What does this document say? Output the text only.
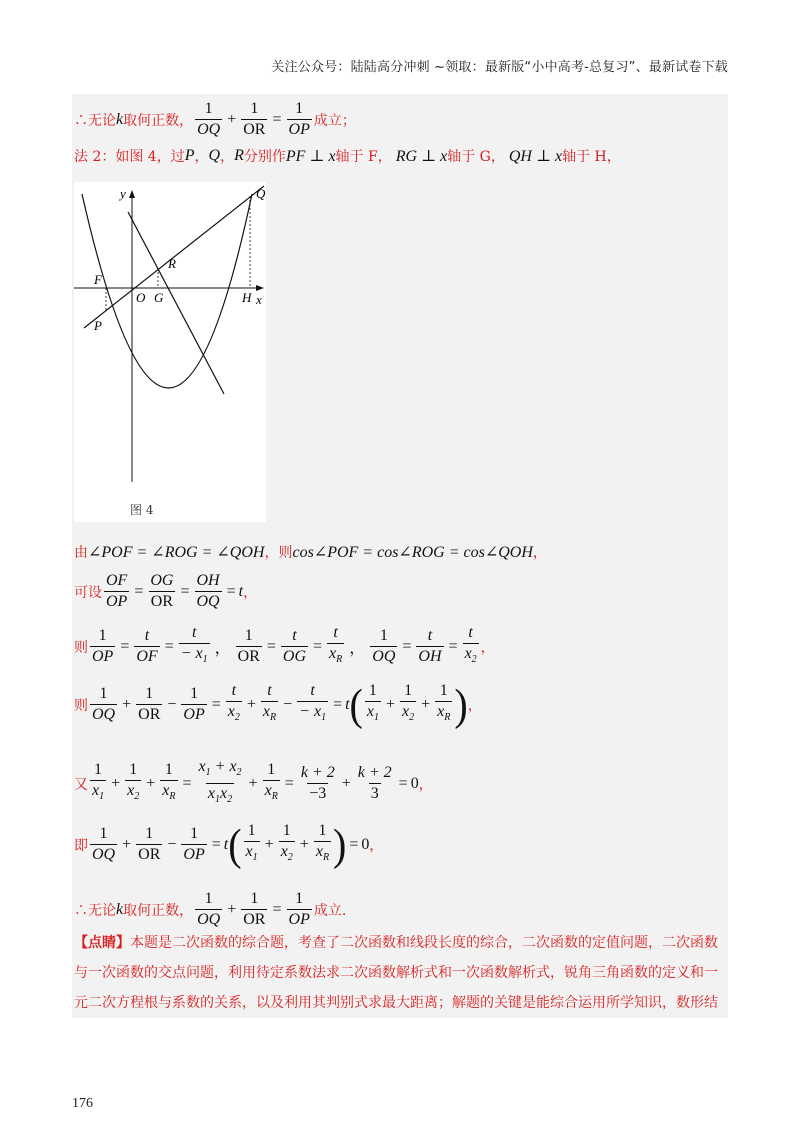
关注公众号：陆陆高分冲刺 ~领取：最新版“小中高考-总复习”、最新试卷下载
∴无论 k 取何正数， $\frac{1}{OQ} + \frac{1}{OR} = \frac{1}{OP}$ 成立；
法 2：如图 4，过 P ， Q ， R 分别作 PF ⊥ x 轴于 F， RG ⊥ x 轴于 G， QH ⊥ x 轴于 H，
y
x
O
F
G	H
P
Q
R
图 4
由 ∠POF = ∠ROG = ∠QOH ，则 cos∠POF = cos∠ROG = cos∠QOH ，
可设 $\frac{OF}{OP} = \frac{OG}{OR} = \frac{OH}{OQ} = t$ ，
则 $\frac{1}{OP} = \frac{t}{OF} = \frac{t}{- x_1}$ ， $\frac{1}{OR} = \frac{t}{OG} = \frac{t}{x_R}$ ， $\frac{1}{OQ} = \frac{t}{OH} = \frac{t}{x_2}$ ，
则 $\frac{1}{OQ} + \frac{1}{OR} - \frac{1}{OP} = \frac{t}{x_2} + \frac{t}{x_R} - \frac{t}{- x_1} = t$ ( $\frac{1}{x_1} + \frac{1}{x_2} + \frac{1}{x_R}$ ) ，
又 $\frac{1}{x_1} + \frac{1}{x_2} + \frac{1}{x_R} = \frac{x_1 + x_2}{x_1x_2} + \frac{1}{x_R} = \frac{k + 2}{-3} + \frac{k + 2}{3} = 0$ ，
即 $\frac{1}{OQ} + \frac{1}{OR} - \frac{1}{OP} = t$ ( $\frac{1}{x_1} + \frac{1}{x_2} + \frac{1}{x_R}$ ) = 0 ，
∴无论 k 取何正数， $\frac{1}{OQ} + \frac{1}{OR} = \frac{1}{OP}$ 成立.
【点睛】本题是二次函数的综合题，考查了二次函数和线段长度的综合，二次函数的定值问题，二次函数与一次函数的交点问题，利用待定系数法求二次函数解析式和一次函数解析式，锐角三角函数的定义和一元二次方程根与系数的关系，以及利用其判别式求最大距离；解题的关键是能综合运用所学知识，数形结
176
